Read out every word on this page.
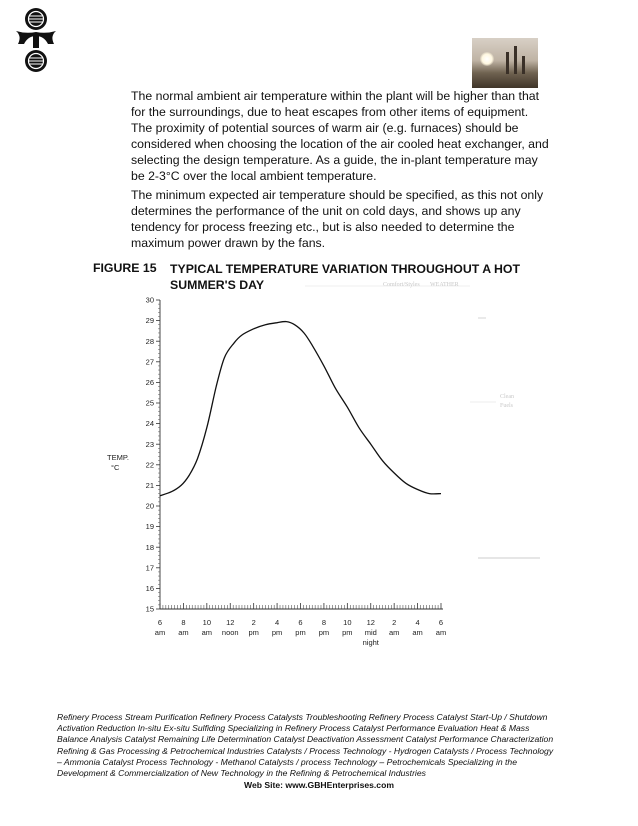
The normal ambient air temperature within the plant will be higher than that for the surroundings, due to heat escapes from other items of equipment. The proximity of potential sources of warm air (e.g. furnaces) should be considered when choosing the location of the air cooled heat exchanger, and selecting the design temperature. As a guide, the in-plant temperature may be 2-3°C over the local ambient temperature.

The minimum expected air temperature should be specified, as this not only determines the performance of the unit on cold days, and shows up any tendency for process freezing etc., but is also needed to determine the maximum power drawn by the fans.

FIGURE 15 TYPICAL TEMPERATURE VARIATION THROUGHOUT A HOT SUMMER'S DAY	Comfort/Styles WEATHER
Clean
Fuels
15
16
17
18
19
20
21
22
23
24
25
26
27
28
29
30
6
am
8
am
10
am
12
noon
2
pm
4
pm
6
pm
8
pm
10
pm
12
mid
night
2
am
4
am
6
am
TEMP.
°C

Refinery Process Stream Purification Refinery Process Catalysts Troubleshooting Refinery Process Catalyst Start-Up / Shutdown Activation Reduction In-situ Ex-situ Sulfiding Specializing in Refinery Process Catalyst Performance Evaluation Heat & Mass Balance Analysis Catalyst Remaining Life Determination Catalyst Deactivation Assessment Catalyst Performance Characterization Refining & Gas Processing & Petrochemical Industries Catalysts / Process Technology - Hydrogen Catalysts / Process Technology – Ammonia Catalyst Process Technology - Methanol Catalysts / process Technology – Petrochemicals Specializing in the Development & Commercialization of New Technology in the Refining & Petrochemical Industries

Web Site: www.GBHEnterprises.com
